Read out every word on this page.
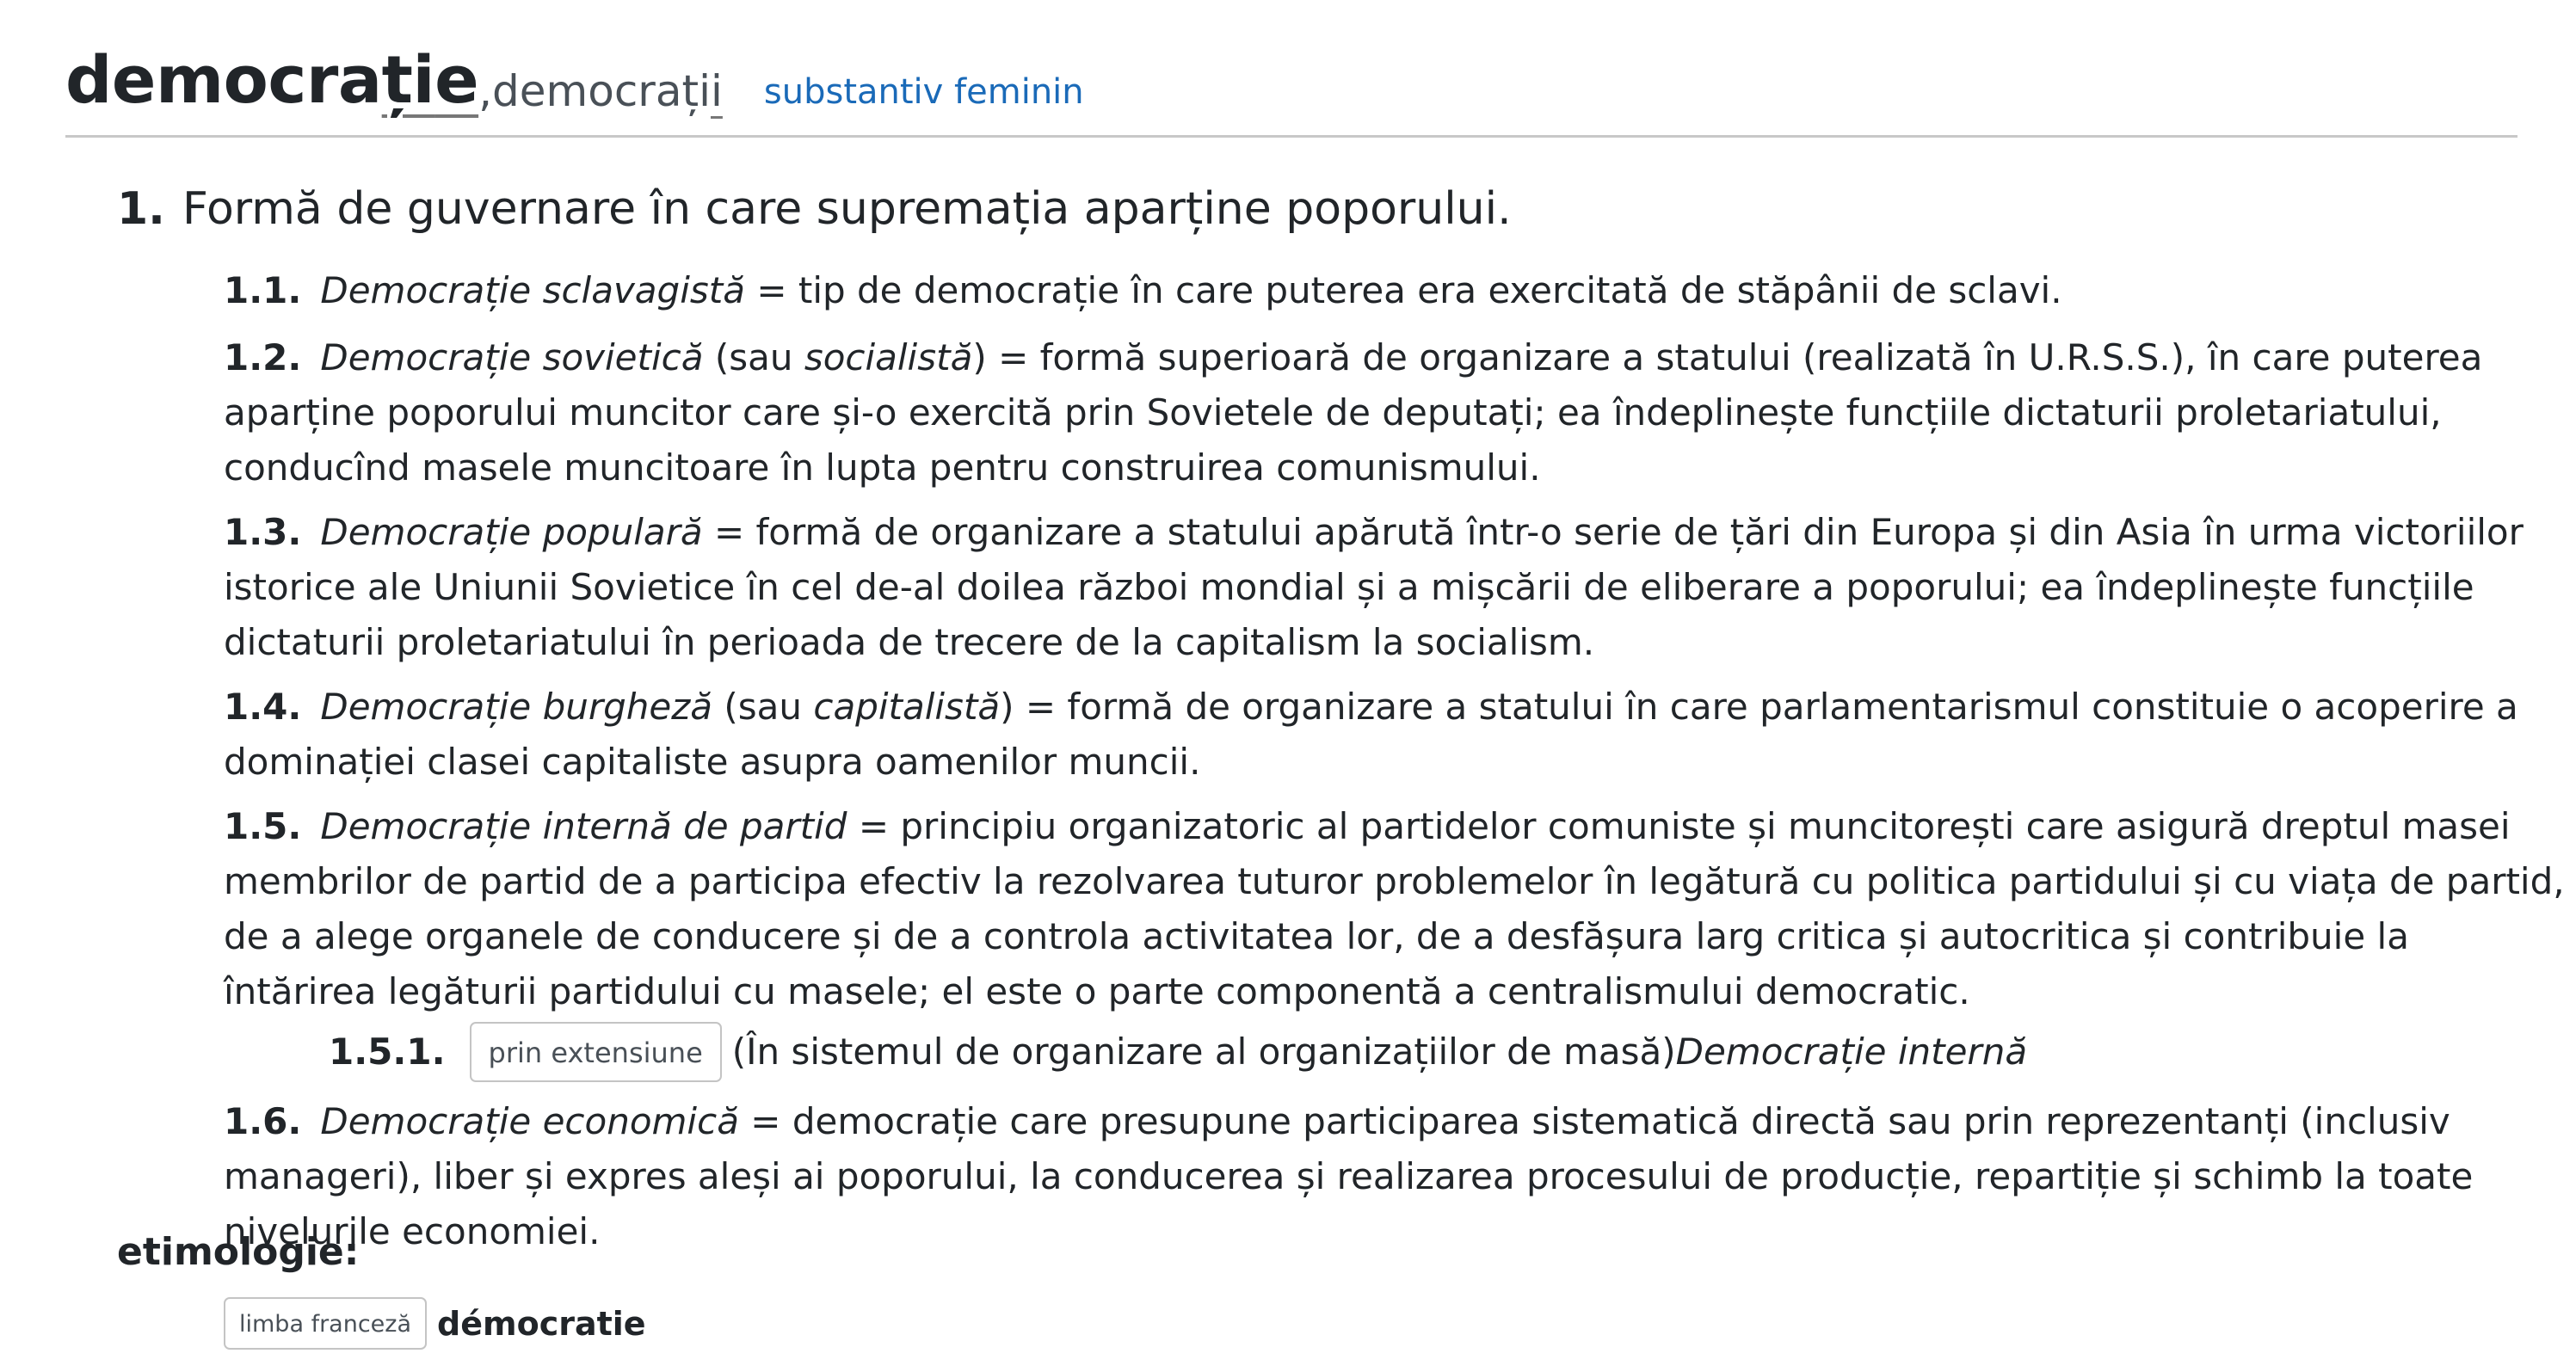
democrație , democrații substantiv feminin
1. Formă de guvernare în care supremația aparține poporului.
1.1. Democrație sclavagistă = tip de democrație în care puterea era exercitată de stăpânii de sclavi.
1.2. Democrație sovietică (sau socialistă) = formă superioară de organizare a statului (realizată în U.R.S.S.), în care puterea aparține poporului muncitor care și-o exercită prin Sovietele de deputați; ea îndeplinește funcțiile dictaturii proletariatului, conducînd masele muncitoare în lupta pentru construirea comunismului.
1.3. Democrație populară = formă de organizare a statului apărută într-o serie de țări din Europa și din Asia în urma victoriilor istorice ale Uniunii Sovietice în cel de-al doilea război mondial și a mișcării de eliberare a poporului; ea îndeplinește funcțiile dictaturii proletariatului în perioada de trecere de la capitalism la socialism.
1.4. Democrație burgheză (sau capitalistă) = formă de organizare a statului în care parlamentarismul constituie o acoperire a dominației clasei capitaliste asupra oamenilor muncii.
1.5. Democrație internă de partid = principiu organizatoric al partidelor comuniste și muncitorești care asigură dreptul masei membrilor de partid de a participa efectiv la rezolvarea tuturor problemelor în legătură cu politica partidului și cu viața de partid, de a alege organele de conducere și de a controla activitatea lor, de a desfășura larg critica și autocritica și contribuie la întărirea legăturii partidului cu masele; el este o parte componentă a centralismului democratic.
1.5.1.	prin extensiune (În sistemul de organizare al organizațiilor de masă) Democrație internă
1.6. Democrație economică = democrație care presupune participarea sistematică directă sau prin reprezentanți (inclusiv manageri), liber și expres aleși ai poporului, la conducerea și realizarea procesului de producție, repartiție și schimb la toate nivelurile economiei.
etimologie:
limba franceză démocratie
